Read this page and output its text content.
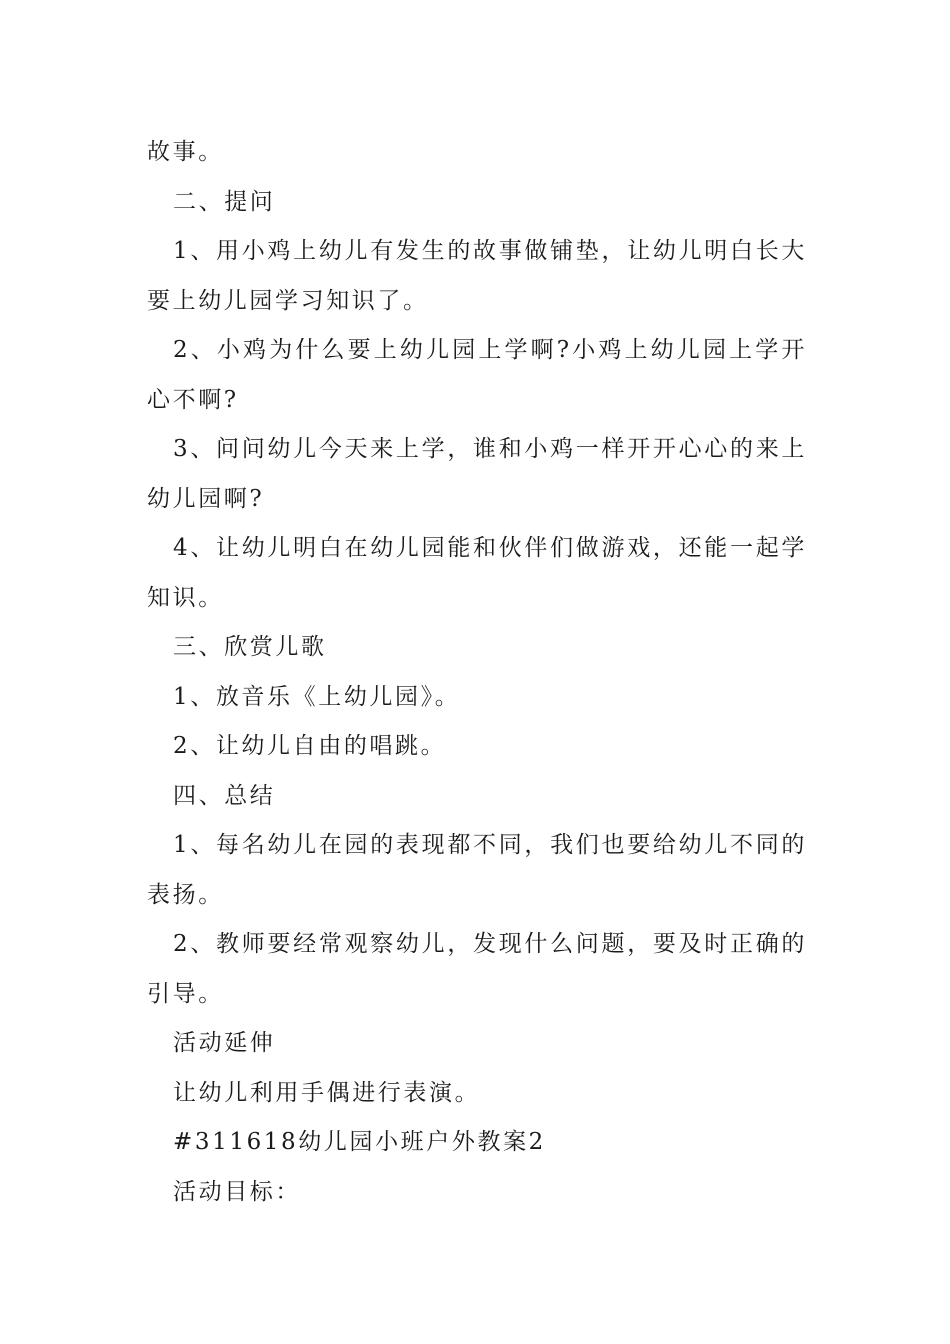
故事。

二、提问

1、用小鸡上幼儿有发生的故事做铺垫，让幼儿明白长大要上幼儿园学习知识了。

2、小鸡为什么要上幼儿园上学啊?小鸡上幼儿园上学开心不啊?

3、问问幼儿今天来上学，谁和小鸡一样开开心心的来上幼儿园啊?

4、让幼儿明白在幼儿园能和伙伴们做游戏，还能一起学知识。

三、欣赏儿歌

1、放音乐《上幼儿园》。

2、让幼儿自由的唱跳。

四、总结

1、每名幼儿在园的表现都不同，我们也要给幼儿不同的表扬。

2、教师要经常观察幼儿，发现什么问题，要及时正确的引导。

活动延伸

让幼儿利用手偶进行表演。

#311618幼儿园小班户外教案2

活动目标：
